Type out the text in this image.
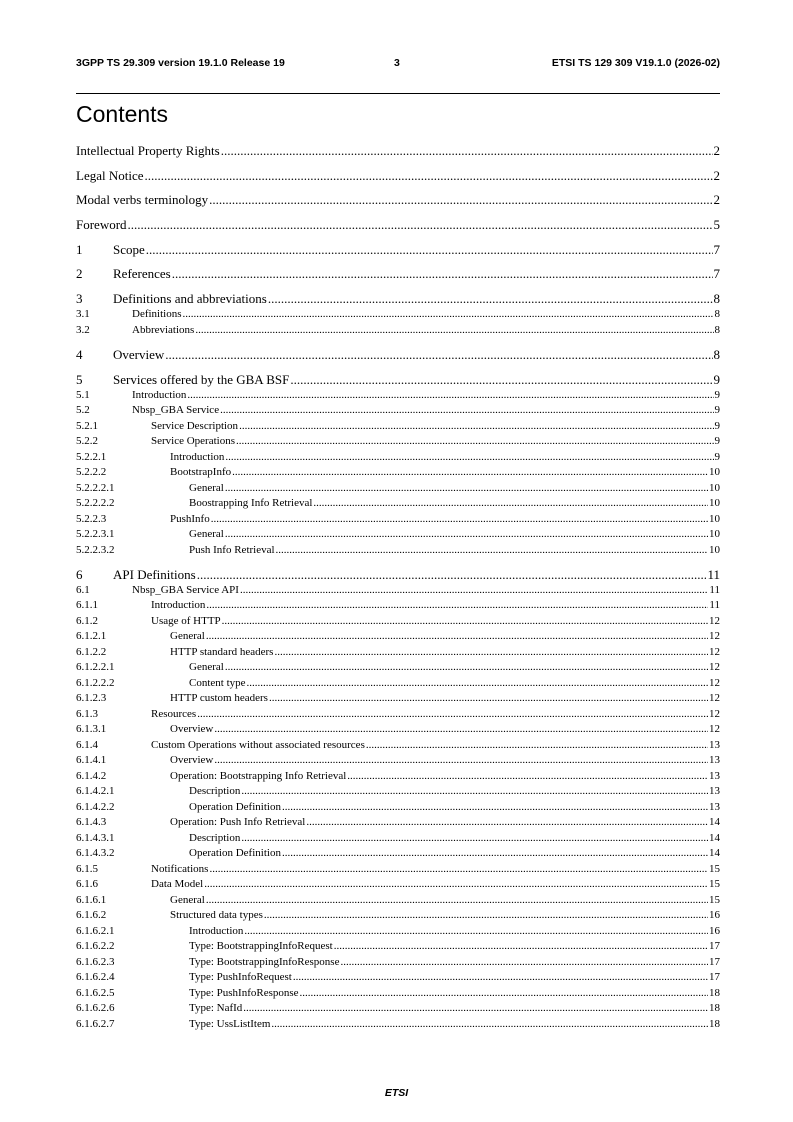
3GPP TS 29.309 version 19.1.0 Release 19	3	ETSI TS 129 309 V19.1.0 (2026-02)
Contents
Intellectual Property Rights .....	2
Legal Notice .....	2
Modal verbs terminology .....	2
Foreword .....	5
1	Scope .....	7
2	References .....	7
3	Definitions and abbreviations .....	8
3.1	Definitions .....	8
3.2	Abbreviations .....	8
4	Overview .....	8
5	Services offered by the GBA BSF .....	9
5.1	Introduction .....	9
5.2	Nbsp_GBA Service .....	9
5.2.1	Service Description .....	9
5.2.2	Service Operations .....	9
5.2.2.1	Introduction .....	9
5.2.2.2	BootstrapInfo .....	10
5.2.2.2.1	General .....	10
5.2.2.2.2	Boostrapping Info Retrieval .....	10
5.2.2.3	PushInfo .....	10
5.2.2.3.1	General .....	10
5.2.2.3.2	Push Info Retrieval .....	10
6	API Definitions .....	11
6.1	Nbsp_GBA Service API .....	11
6.1.1	Introduction .....	11
6.1.2	Usage of HTTP .....	12
6.1.2.1	General .....	12
6.1.2.2	HTTP standard headers .....	12
6.1.2.2.1	General .....	12
6.1.2.2.2	Content type .....	12
6.1.2.3	HTTP custom headers .....	12
6.1.3	Resources .....	12
6.1.3.1	Overview .....	12
6.1.4	Custom Operations without associated resources .....	13
6.1.4.1	Overview .....	13
6.1.4.2	Operation: Bootstrapping Info Retrieval .....	13
6.1.4.2.1	Description .....	13
6.1.4.2.2	Operation Definition .....	13
6.1.4.3	Operation: Push Info Retrieval .....	14
6.1.4.3.1	Description .....	14
6.1.4.3.2	Operation Definition .....	14
6.1.5	Notifications .....	15
6.1.6	Data Model .....	15
6.1.6.1	General .....	15
6.1.6.2	Structured data types .....	16
6.1.6.2.1	Introduction .....	16
6.1.6.2.2	Type: BootstrappingInfoRequest .....	17
6.1.6.2.3	Type: BootstrappingInfoResponse .....	17
6.1.6.2.4	Type: PushInfoRequest .....	17
6.1.6.2.5	Type: PushInfoResponse .....	18
6.1.6.2.6	Type: NafId .....	18
6.1.6.2.7	Type: UssListItem .....	18
ETSI
